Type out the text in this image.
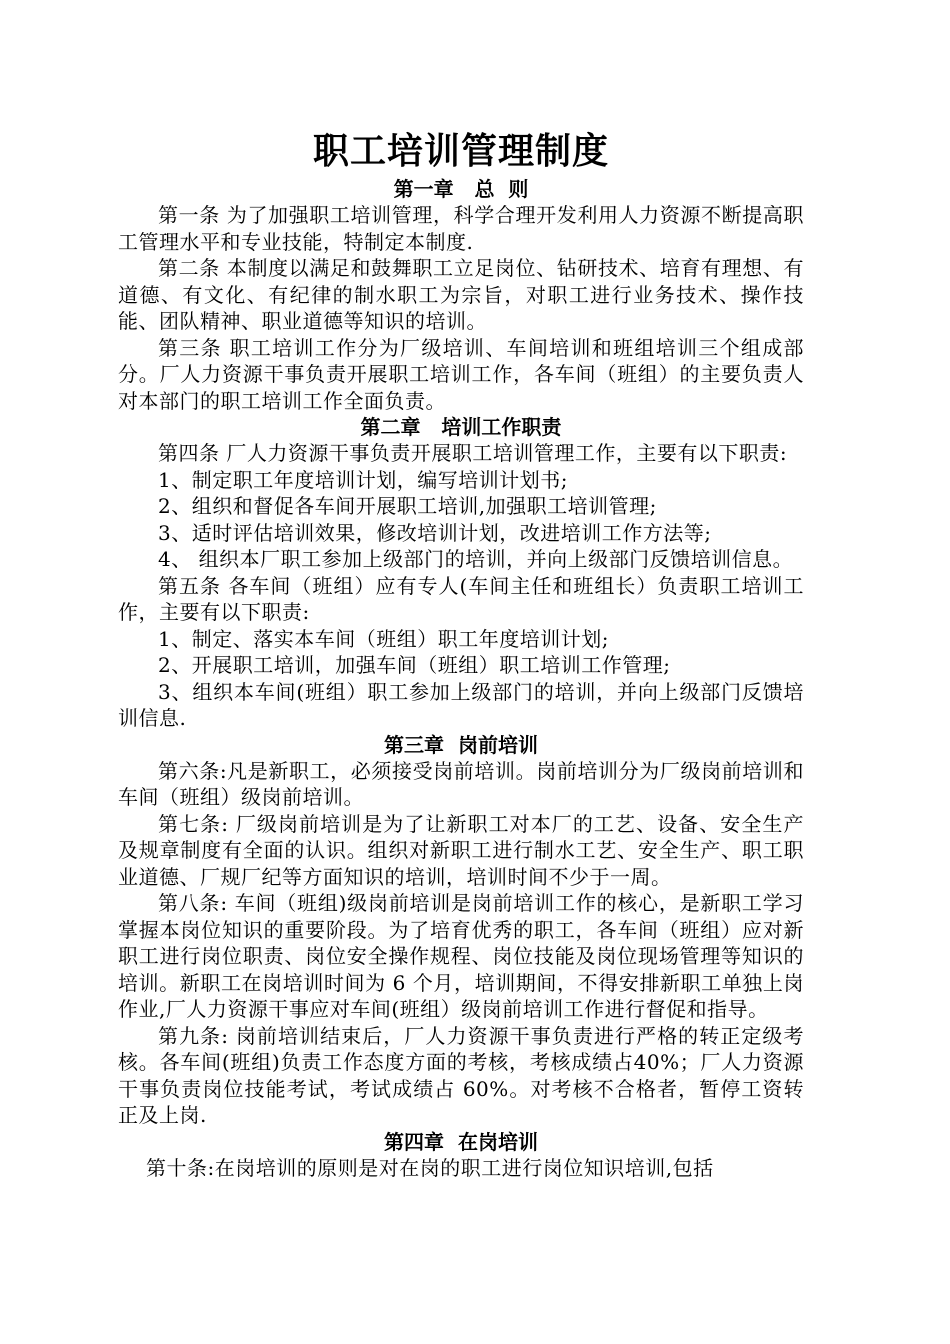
职工培训管理制度
第一章   总  则

第一条 为了加强职工培训管理，科学合理开发利用人力资源不断提高职工管理水平和专业技能，特制定本制度.

第二条 本制度以满足和鼓舞职工立足岗位、钻研技术、培育有理想、有道德、有文化、有纪律的制水职工为宗旨，对职工进行业务技术、操作技能、团队精神、职业道德等知识的培训。

第三条 职工培训工作分为厂级培训、车间培训和班组培训三个组成部分。厂人力资源干事负责开展职工培训工作，各车间（班组）的主要负责人对本部门的职工培训工作全面负责。

第二章   培训工作职责

第四条 厂人力资源干事负责开展职工培训管理工作，主要有以下职责:

1、制定职工年度培训计划，编写培训计划书;

2、组织和督促各车间开展职工培训,加强职工培训管理;

3、适时评估培训效果，修改培训计划，改进培训工作方法等;

4、 组织本厂职工参加上级部门的培训，并向上级部门反馈培训信息。

第五条 各车间（班组）应有专人(车间主任和班组长）负责职工培训工作，主要有以下职责:

1、制定、落实本车间（班组）职工年度培训计划;

2、开展职工培训，加强车间（班组）职工培训工作管理;

3、组织本车间(班组）职工参加上级部门的培训，并向上级部门反馈培训信息.

第三章  岗前培训

第六条:凡是新职工，必须接受岗前培训。岗前培训分为厂级岗前培训和车间（班组）级岗前培训。

第七条: 厂级岗前培训是为了让新职工对本厂的工艺、设备、安全生产及规章制度有全面的认识。组织对新职工进行制水工艺、安全生产、职工职业道德、厂规厂纪等方面知识的培训，培训时间不少于一周。

第八条: 车间（班组)级岗前培训是岗前培训工作的核心，是新职工学习掌握本岗位知识的重要阶段。为了培育优秀的职工，各车间（班组）应对新职工进行岗位职责、岗位安全操作规程、岗位技能及岗位现场管理等知识的培训。新职工在岗培训时间为 6 个月，培训期间，不得安排新职工单独上岗作业,厂人力资源干事应对车间(班组）级岗前培训工作进行督促和指导。

第九条: 岗前培训结束后，厂人力资源干事负责进行严格的转正定级考核。各车间(班组)负责工作态度方面的考核，考核成绩占40%；厂人力资源干事负责岗位技能考试，考试成绩占 60%。对考核不合格者，暂停工资转正及上岗.

第四章  在岗培训

第十条:在岗培训的原则是对在岗的职工进行岗位知识培训,包括
